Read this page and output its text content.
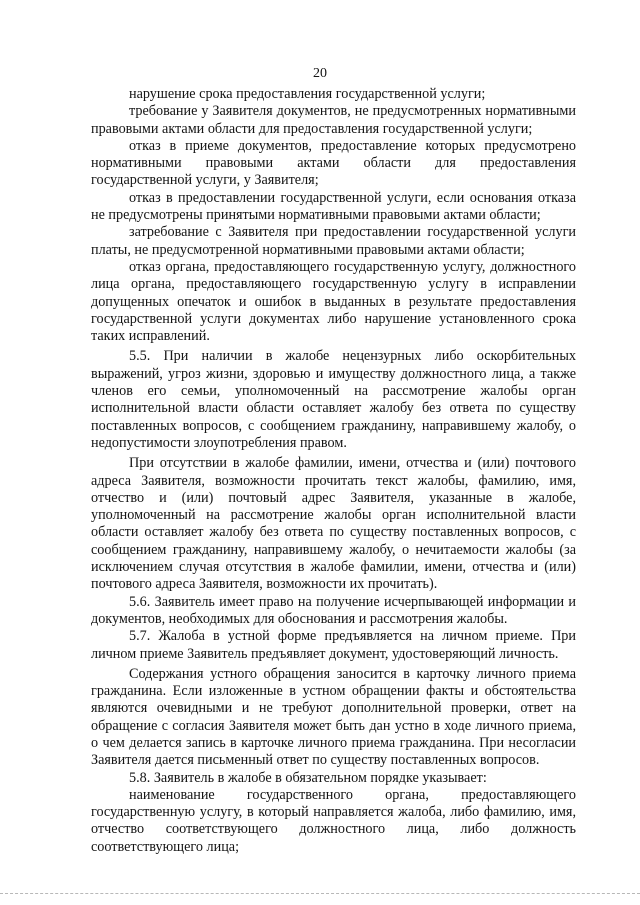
20

нарушение срока предоставления государственной услуги;

требование у Заявителя документов, не предусмотренных нормативными правовыми актами области для предоставления государственной услуги;

отказ в приеме документов, предоставление которых предусмотрено нормативными правовыми актами области для предоставления государственной услуги, у Заявителя;

отказ в предоставлении государственной услуги, если основания отказа не предусмотрены принятыми нормативными правовыми актами области;

затребование с Заявителя при предоставлении государственной услуги платы, не предусмотренной нормативными правовыми актами области;

отказ органа, предоставляющего государственную услугу, должностного лица органа, предоставляющего государственную услугу в исправлении допущенных опечаток и ошибок в выданных в результате предоставления государственной услуги документах либо нарушение установленного срока таких исправлений.

5.5. При наличии в жалобе нецензурных либо оскорбительных выражений, угроз жизни, здоровью и имуществу должностного лица, а также членов его семьи, уполномоченный на рассмотрение жалобы орган исполнительной власти области оставляет жалобу без ответа по существу поставленных вопросов, с сообщением гражданину, направившему жалобу, о недопустимости злоупотребления правом.

При отсутствии в жалобе фамилии, имени, отчества и (или) почтового адреса Заявителя, возможности прочитать текст жалобы, фамилию, имя, отчество и (или) почтовый адрес Заявителя, указанные в жалобе, уполномоченный на рассмотрение жалобы орган исполнительной власти области оставляет жалобу без ответа по существу поставленных вопросов, с сообщением гражданину, направившему жалобу, о нечитаемости жалобы (за исключением случая отсутствия в жалобе фамилии, имени, отчества и (или) почтового адреса Заявителя, возможности их прочитать).

5.6. Заявитель имеет право на получение исчерпывающей информации и документов, необходимых для обоснования и рассмотрения жалобы.

5.7. Жалоба в устной форме предъявляется на личном приеме. При личном приеме Заявитель предъявляет документ, удостоверяющий личность.

Содержания устного обращения заносится в карточку личного приема гражданина. Если изложенные в устном обращении факты и обстоятельства являются очевидными и не требуют дополнительной проверки, ответ на обращение с согласия Заявителя может быть дан устно в ходе личного приема, о чем делается запись в карточке личного приема гражданина. При несогласии Заявителя дается письменный ответ по существу поставленных вопросов.

5.8. Заявитель в жалобе в обязательном порядке указывает:

наименование государственного органа, предоставляющего государственную услугу, в который направляется жалоба, либо фамилию, имя, отчество соответствующего должностного лица, либо должность соответствующего лица;
